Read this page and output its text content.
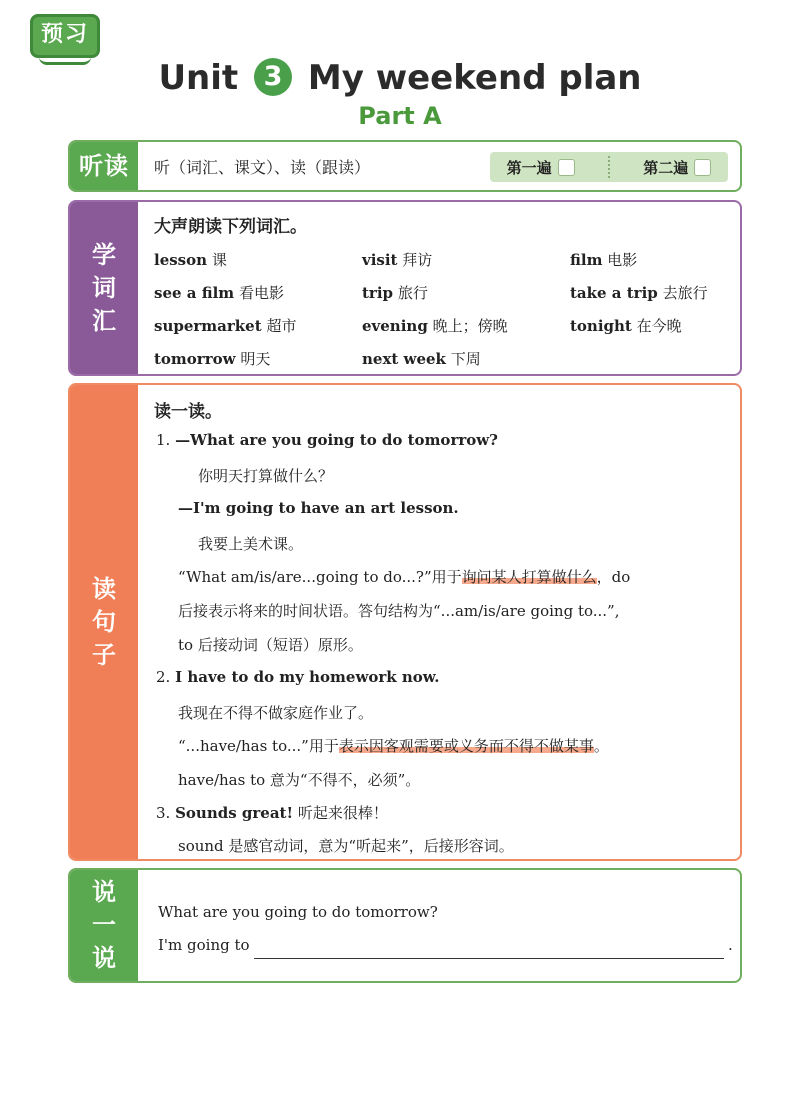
预习
Unit 3 My weekend plan
Part A
听读	听（词汇、课文）、读（跟读）	第一遍	第二遍
学
词
汇
大声朗读下列词汇。
lesson 课	visit 拜访	film 电影
see a film 看电影	trip 旅行	take a trip 去旅行
supermarket 超市	evening 晚上；傍晚	tonight 在今晚
tomorrow 明天	next week 下周
读
句
子
读一读。
1. —What are you going to do tomorrow?
你明天打算做什么？
—I'm going to have an art lesson.
我要上美术课。
“What am/is/are...going to do...?”用于询问某人打算做什么，do
后接表示将来的时间状语。答句结构为“...am/is/are going to...”,
to 后接动词（短语）原形。
2. I have to do my homework now.
我现在不得不做家庭作业了。
“...have/has to...”用于表示因客观需要或义务而不得不做某事。
have/has to 意为“不得不，必须”。
3. Sounds great! 听起来很棒！
sound 是感官动词，意为“听起来”，后接形容词。
说
一
说
What are you going to do tomorrow?
I'm going to	.
